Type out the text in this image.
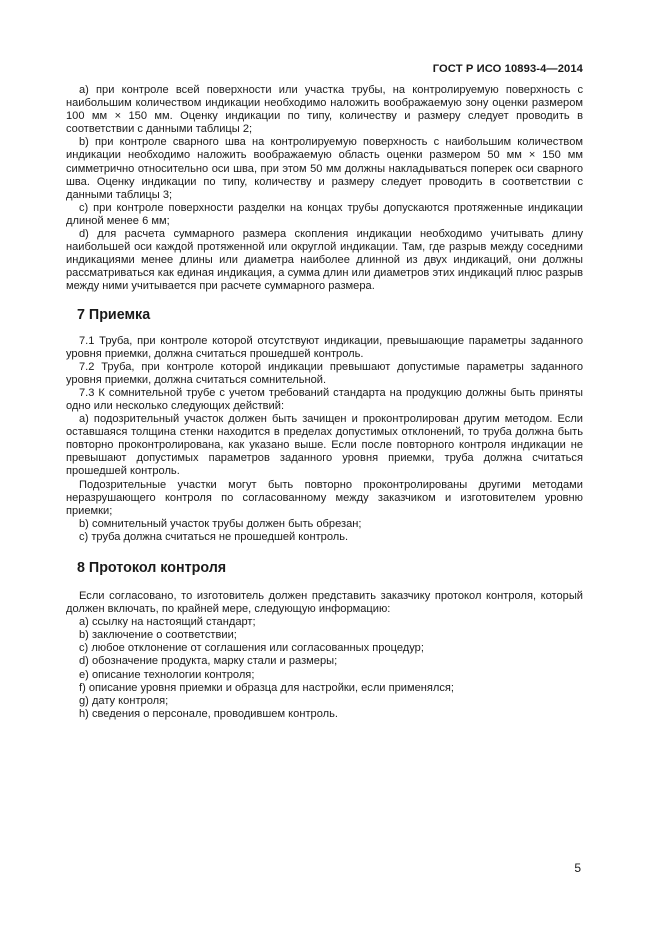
ГОСТ Р ИСО 10893-4—2014

a) при контроле всей поверхности или участка трубы, на контролируемую поверхность с наибольшим количеством индикации необходимо наложить воображаемую зону оценки размером 100 мм × 150 мм. Оценку индикации по типу, количеству и размеру следует проводить в соответствии с данными таблицы 2;

b) при контроле сварного шва на контролируемую поверхность с наибольшим количеством индикации необходимо наложить воображаемую область оценки размером 50 мм × 150 мм симметрично относительно оси шва, при этом 50 мм должны накладываться поперек оси сварного шва. Оценку индикации по типу, количеству и размеру следует проводить в соответствии с данными таблицы 3;

c) при контроле поверхности разделки на концах трубы допускаются протяженные индикации длиной менее 6 мм;

d) для расчета суммарного размера скопления индикации необходимо учитывать длину наибольшей оси каждой протяженной или округлой индикации. Там, где разрыв между соседними индикациями менее длины или диаметра наиболее длинной из двух индикаций, они должны рассматриваться как единая индикация, а сумма длин или диаметров этих индикаций плюс разрыв между ними учитывается при расчете суммарного размера.

7 Приемка

7.1 Труба, при контроле которой отсутствуют индикации, превышающие параметры заданного уровня приемки, должна считаться прошедшей контроль.

7.2 Труба, при контроле которой индикации превышают допустимые параметры заданного уровня приемки, должна считаться сомнительной.

7.3 К сомнительной трубе с учетом требований стандарта на продукцию должны быть приняты одно или несколько следующих действий:

a) подозрительный участок должен быть зачищен и проконтролирован другим методом. Если оставшаяся толщина стенки находится в пределах допустимых отклонений, то труба должна быть повторно проконтролирована, как указано выше. Если после повторного контроля индикации не превышают допустимых параметров заданного уровня приемки, труба должна считаться прошедшей контроль.

Подозрительные участки могут быть повторно проконтролированы другими методами неразрушающего контроля по согласованному между заказчиком и изготовителем уровню приемки;

b) сомнительный участок трубы должен быть обрезан;

c) труба должна считаться не прошедшей контроль.

8 Протокол контроля

Если согласовано, то изготовитель должен представить заказчику протокол контроля, который должен включать, по крайней мере, следующую информацию:

a) ссылку на настоящий стандарт;

b) заключение о соответствии;

c) любое отклонение от соглашения или согласованных процедур;

d) обозначение продукта, марку стали и размеры;

e) описание технологии контроля;

f) описание уровня приемки и образца для настройки, если применялся;

g) дату контроля;

h) сведения о персонале, проводившем контроль.

5
